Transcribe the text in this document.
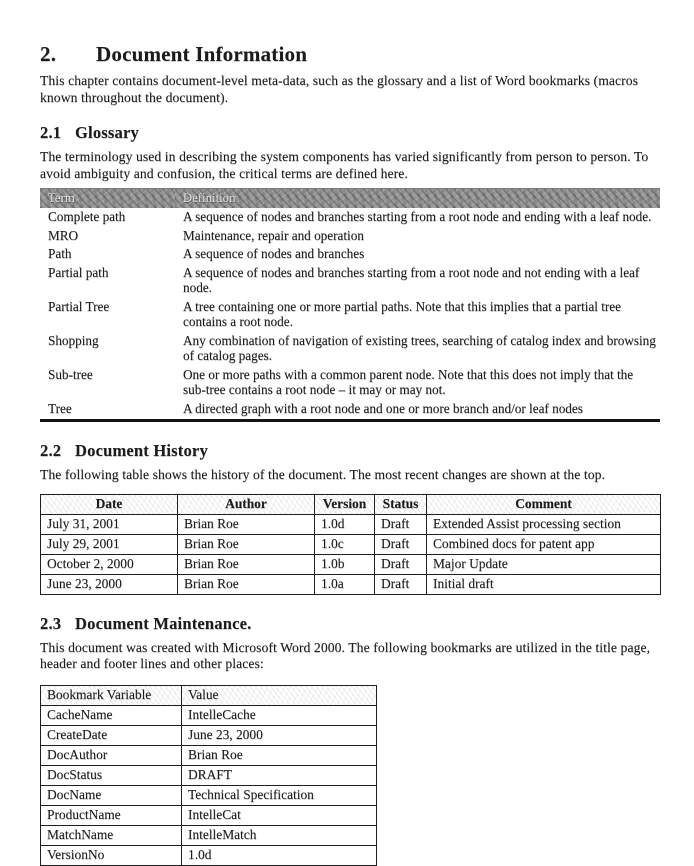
2. Document Information

This chapter contains document-level meta-data, such as the glossary and a list of Word bookmarks (macros known throughout the document).

2.1 Glossary

The terminology used in describing the system components has varied significantly from person to person. To avoid ambiguity and confusion, the critical terms are defined here.

Term	Definition
Complete path	A sequence of nodes and branches starting from a root node and ending with a leaf node.
MRO	Maintenance, repair and operation
Path	A sequence of nodes and branches
Partial path	A sequence of nodes and branches starting from a root node and not ending with a leaf node.
Partial Tree	A tree containing one or more partial paths. Note that this implies that a partial tree contains a root node.
Shopping	Any combination of navigation of existing trees, searching of catalog index and browsing of catalog pages.
Sub-tree	One or more paths with a common parent node. Note that this does not imply that the sub-tree contains a root node – it may or may not.
Tree	A directed graph with a root node and one or more branch and/or leaf nodes
2.2 Document History

The following table shows the history of the document. The most recent changes are shown at the top.

Date	Author	Version	Status	Comment
July 31, 2001	Brian Roe	1.0d	Draft	Extended Assist processing section
July 29, 2001	Brian Roe	1.0c	Draft	Combined docs for patent app
October 2, 2000	Brian Roe	1.0b	Draft	Major Update
June 23, 2000	Brian Roe	1.0a	Draft	Initial draft
2.3 Document Maintenance.

This document was created with Microsoft Word 2000. The following bookmarks are utilized in the title page, header and footer lines and other places:

Bookmark Variable	Value
CacheName	IntelleCache
CreateDate	June 23, 2000
DocAuthor	Brian Roe
DocStatus	DRAFT
DocName	Technical Specification
ProductName	IntelleCat
MatchName	IntelleMatch
VersionNo	1.0d
